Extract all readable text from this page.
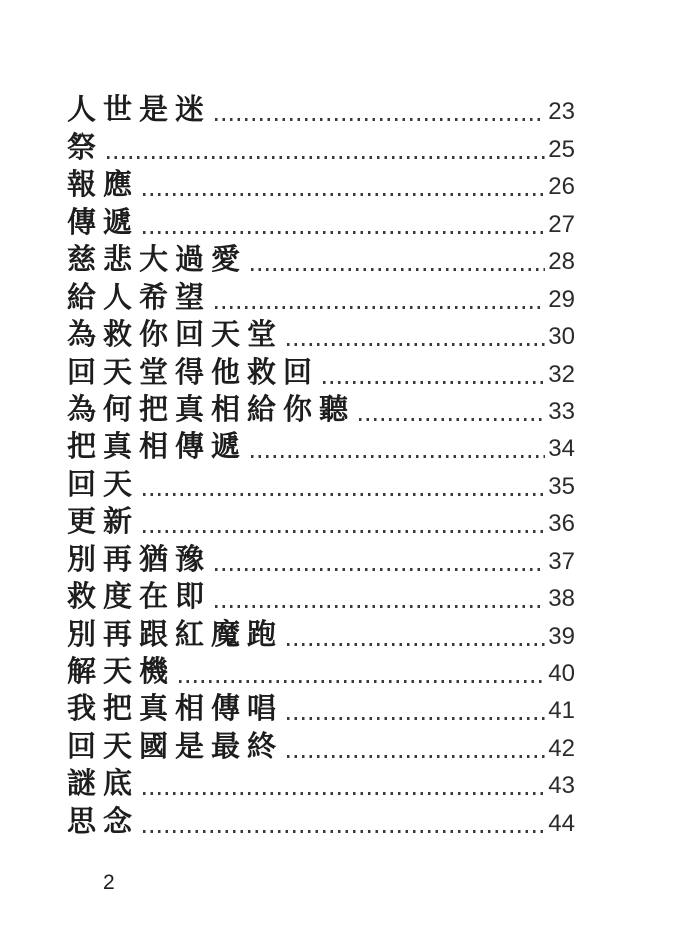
人世是迷	23
祭	25
報應	26
傳遞	27
慈悲大過愛	28
給人希望	29
為救你回天堂	30
回天堂得他救回	32
為何把真相給你聽	33
把真相傳遞	34
回天	35
更新	36
別再猶豫	37
救度在即	38
別再跟紅魔跑	39
解天機	40
我把真相傳唱	41
回天國是最終	42
謎底	43
思念	44
2
